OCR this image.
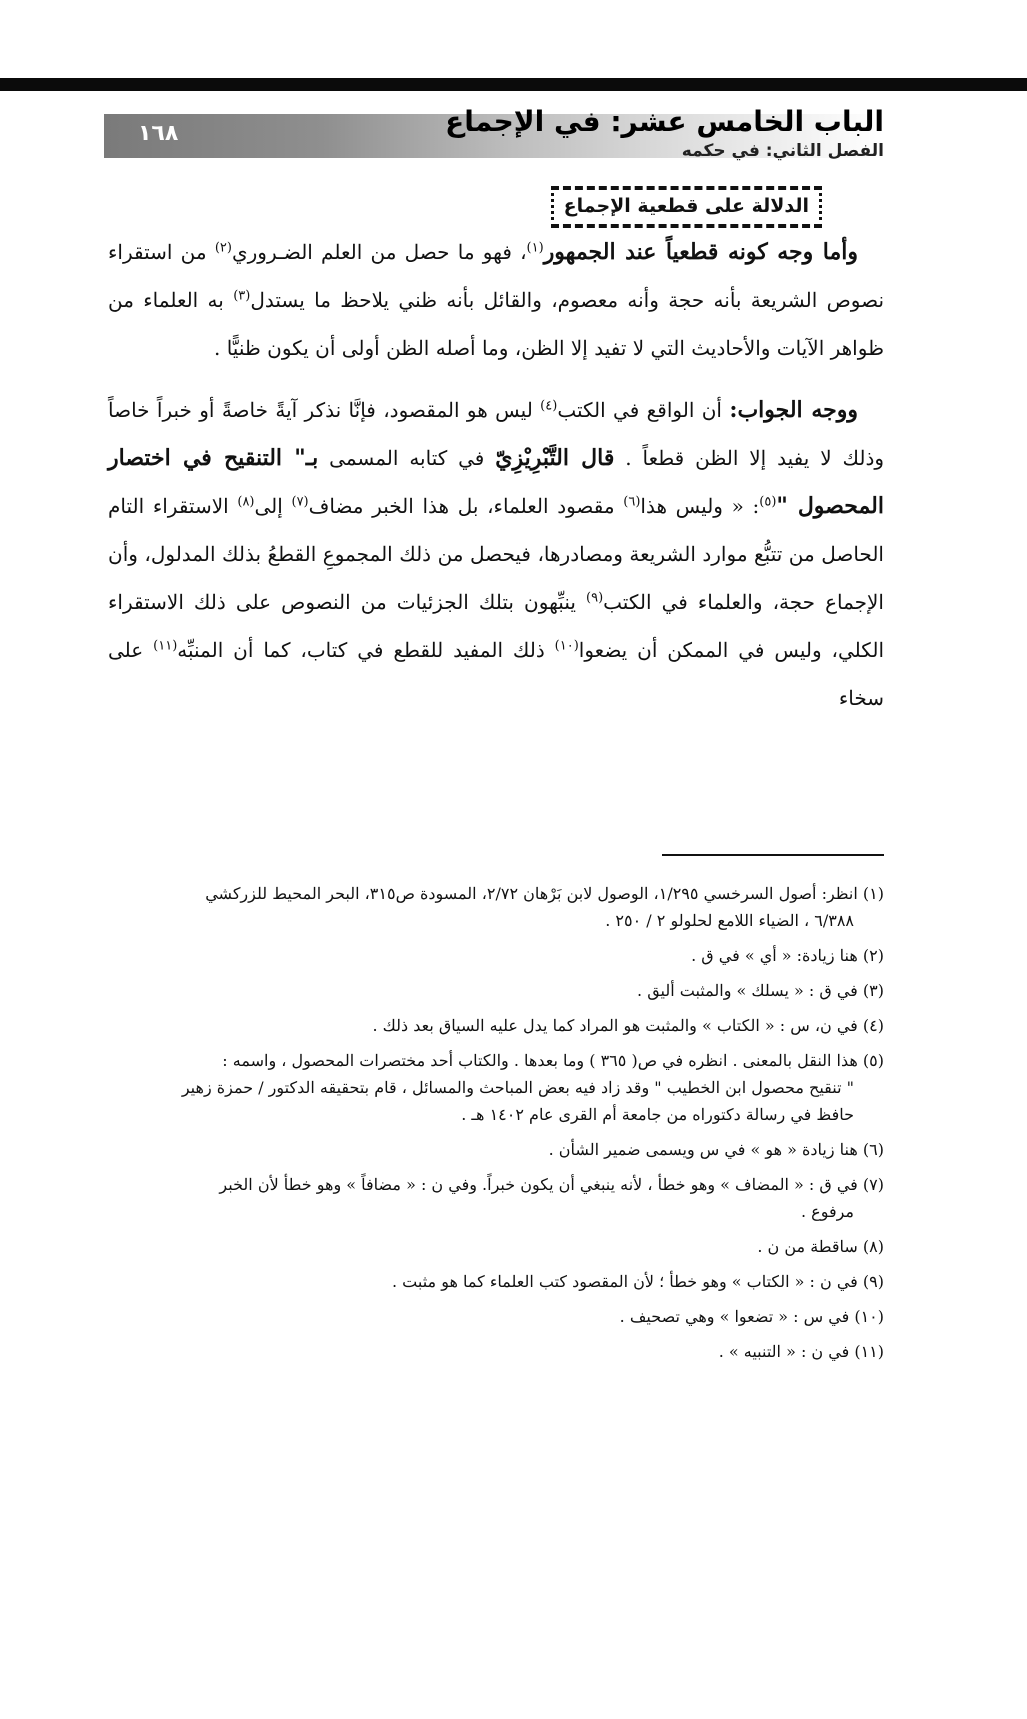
الباب الخامس عشر: في الإجماع
الفصل الثاني: في حكمه
١٦٨
الدلالة على قطعية الإجماع

وأما وجه كونه قطعياً عند الجمهور$^{(١)}$، فهو ما حصل من العلم الضـروري$^{(٢)}$ من استقراء نصوص الشريعة بأنه حجة وأنه معصوم، والقائل بأنه ظني يلاحظ ما يستدل$^{(٣)}$ به العلماء من ظواهر الآيات والأحاديث التي لا تفيد إلا الظن، وما أصله الظن أولى أن يكون ظنيًّا .

ووجه الجواب: أن الواقع في الكتب$^{(٤)}$ ليس هو المقصود، فإنَّا نذكر آيةً خاصةً أو خبراً خاصاً وذلك لا يفيد إلا الظن قطعاً . قال التَّبْرِيْزِيّ في كتابه المسمى بـ" التنقيح في اختصار المحصول "$^{(٥)}$: « وليس هذا$^{(٦)}$ مقصود العلماء، بل هذا الخبر مضاف$^{(٧)}$ إلى$^{(٨)}$ الاستقراء التام الحاصل من تتبُّع موارد الشريعة ومصادرها، فيحصل من ذلك المجموعِ القطعُ بذلك المدلول، وأن الإجماع حجة، والعلماء في الكتب$^{(٩)}$ ينبِّهون بتلك الجزئيات من النصوص على ذلك الاستقراء الكلي، وليس في الممكن أن يضعوا$^{(١٠)}$ ذلك المفيد للقطع في كتاب، كما أن المنبِّه$^{(١١)}$ على سخاء

(١) انظر: أصول السرخسي ١/٢٩٥، الوصول لابن بَرْهان ٢/٧٢، المسودة ص٣١٥، البحر المحيط للزركشي
٦/٣٨٨ ، الضياء اللامع لحلولو ٢ / ٢٥٠ .
(٢) هنا زيادة: « أي » في ق .
(٣) في ق : « يسلك » والمثبت أليق .
(٤) في ن، س : « الكتاب » والمثبت هو المراد كما يدل عليه السياق بعد ذلك .
(٥) هذا النقل بالمعنى . انظره في ص( ٣٦٥ ) وما بعدها . والكتاب أحد مختصرات المحصول ، واسمه :
" تنقيح محصول ابن الخطيب " وقد زاد فيه بعض المباحث والمسائل ، قام بتحقيقه الدكتور / حمزة زهير
حافظ في رسالة دكتوراه من جامعة أم القرى عام ١٤٠٢ هـ .
(٦) هنا زيادة « هو » في س ويسمى ضمير الشأن .
(٧) في ق : « المضاف » وهو خطأ ، لأنه ينبغي أن يكون خبراً. وفي ن : « مضافاً » وهو خطأ لأن الخبر
مرفوع .
(٨) ساقطة من ن .
(٩) في ن : « الكتاب » وهو خطأ ؛ لأن المقصود كتب العلماء كما هو مثبت .
(١٠) في س : « تضعوا » وهي تصحيف .
(١١) في ن : « التنبيه » .
